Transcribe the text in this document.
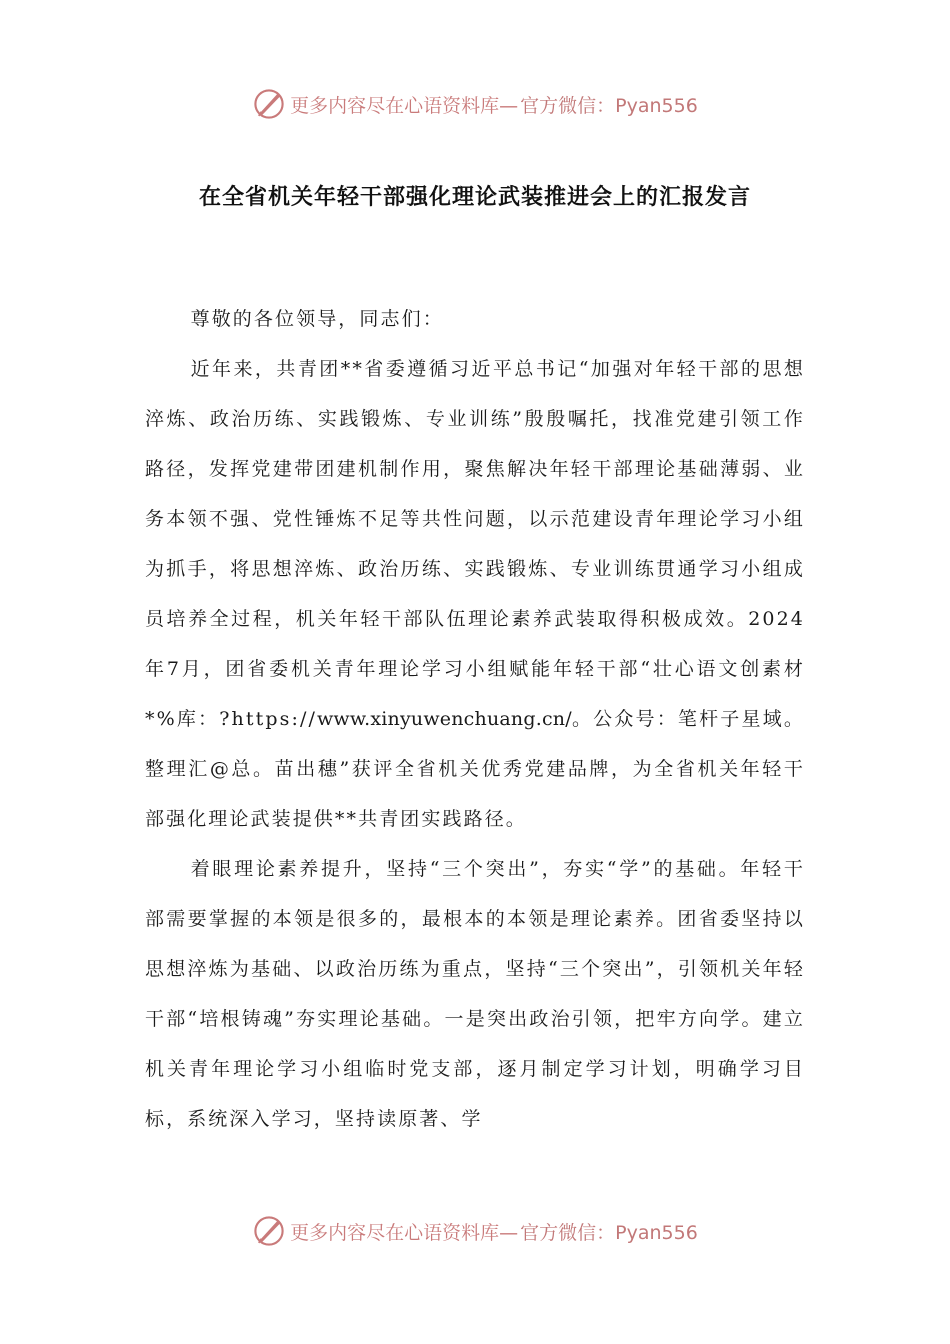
更多内容尽在心语资料库— 官方微信：Pyan556
在全省机关年轻干部强化理论武装推进会上的汇报发言

尊敬的各位领导，同志们：

近年来，共青团**省委遵循习近平总书记“加强对年轻干部的思想淬炼、政治历练、实践锻炼、专业训练”殷殷嘱托，找准党建引领工作路径，发挥党建带团建机制作用，聚焦解决年轻干部理论基础薄弱、业务本领不强、党性锤炼不足等共性问题，以示范建设青年理论学习小组为抓手，将思想淬炼、政治历练、实践锻炼、专业训练贯通学习小组成员培养全过程，机关年轻干部队伍理论素养武装取得积极成效。2024年7月，团省委机关青年理论学习小组赋能年轻干部“壮心语文创素材*%库：?https://www.xinyuwenchuang.cn/。公众号：笔杆子星域。整理汇@总。苗出穗”获评全省机关优秀党建品牌，为全省机关年轻干部强化理论武装提供**共青团实践路径。

着眼理论素养提升，坚持“三个突出”，夯实“学”的基础。年轻干部需要掌握的本领是很多的，最根本的本领是理论素养。团省委坚持以思想淬炼为基础、以政治历练为重点，坚持“三个突出”，引领机关年轻干部“培根铸魂”夯实理论基础。一是突出政治引领，把牢方向学。建立机关青年理论学习小组临时党支部，逐月制定学习计划，明确学习目标，系统深入学习，坚持读原著、学

更多内容尽在心语资料库— 官方微信：Pyan556
